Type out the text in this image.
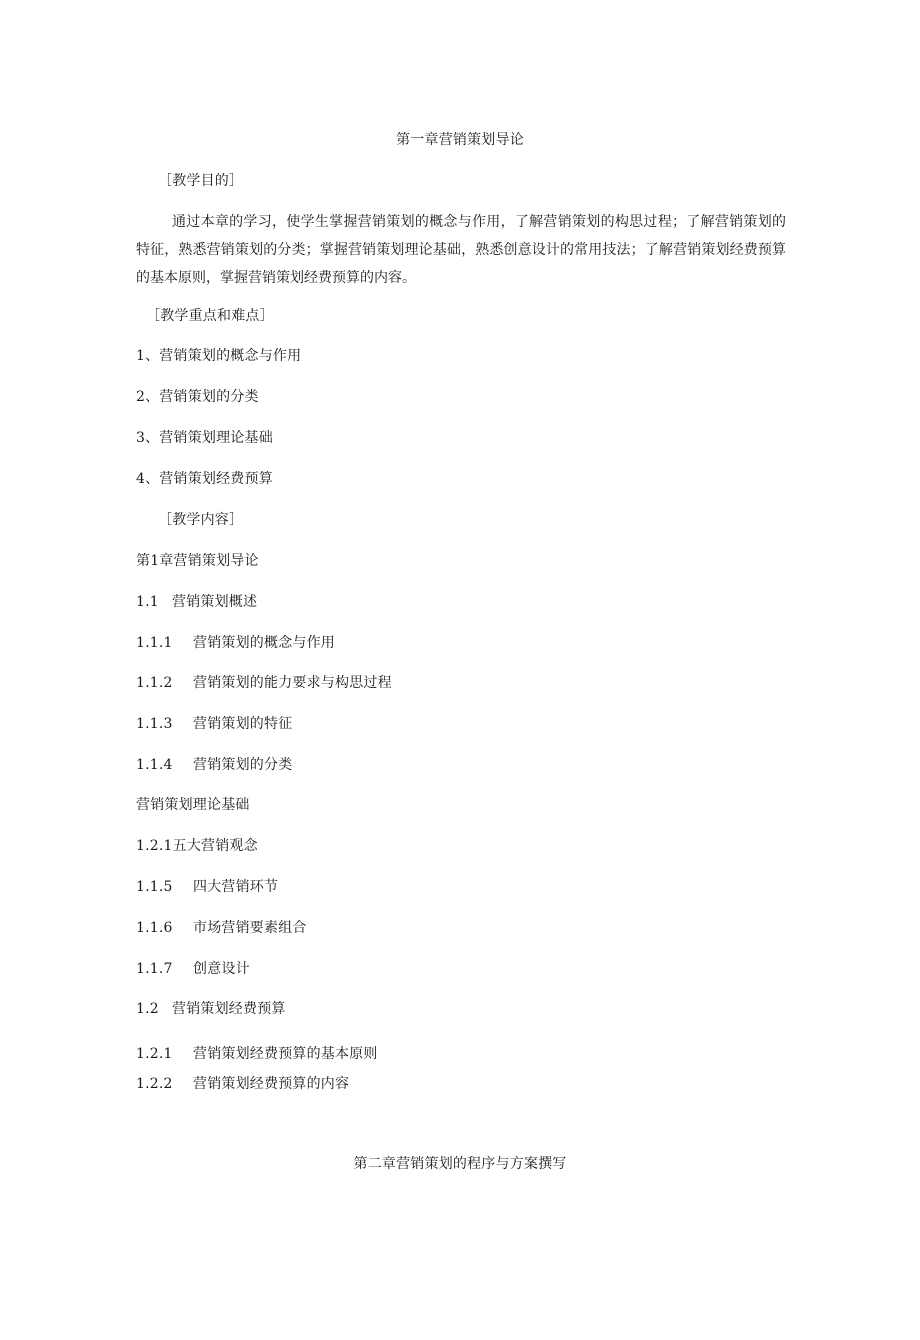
第一章营销策划导论
［教学目的］
通过本章的学习，使学生掌握营销策划的概念与作用，了解营销策划的构思过程；了解营销策划的特征，熟悉营销策划的分类；掌握营销策划理论基础，熟悉创意设计的常用技法；了解营销策划经费预算的基本原则，掌握营销策划经费预算的内容。
［教学重点和难点］
1、营销策划的概念与作用
2、营销策划的分类
3、营销策划理论基础
4、营销策划经费预算
［教学内容］
第1章营销策划导论
1.1 营销策划概述
1.1.1 营销策划的概念与作用
1.1.2 营销策划的能力要求与构思过程
1.1.3 营销策划的特征
1.1.4 营销策划的分类
营销策划理论基础
1.2.1五大营销观念
1.1.5 四大营销环节
1.1.6 市场营销要素组合
1.1.7 创意设计
1.2 营销策划经费预算
1.2.1 营销策划经费预算的基本原则
1.2.2 营销策划经费预算的内容
第二章营销策划的程序与方案撰写
